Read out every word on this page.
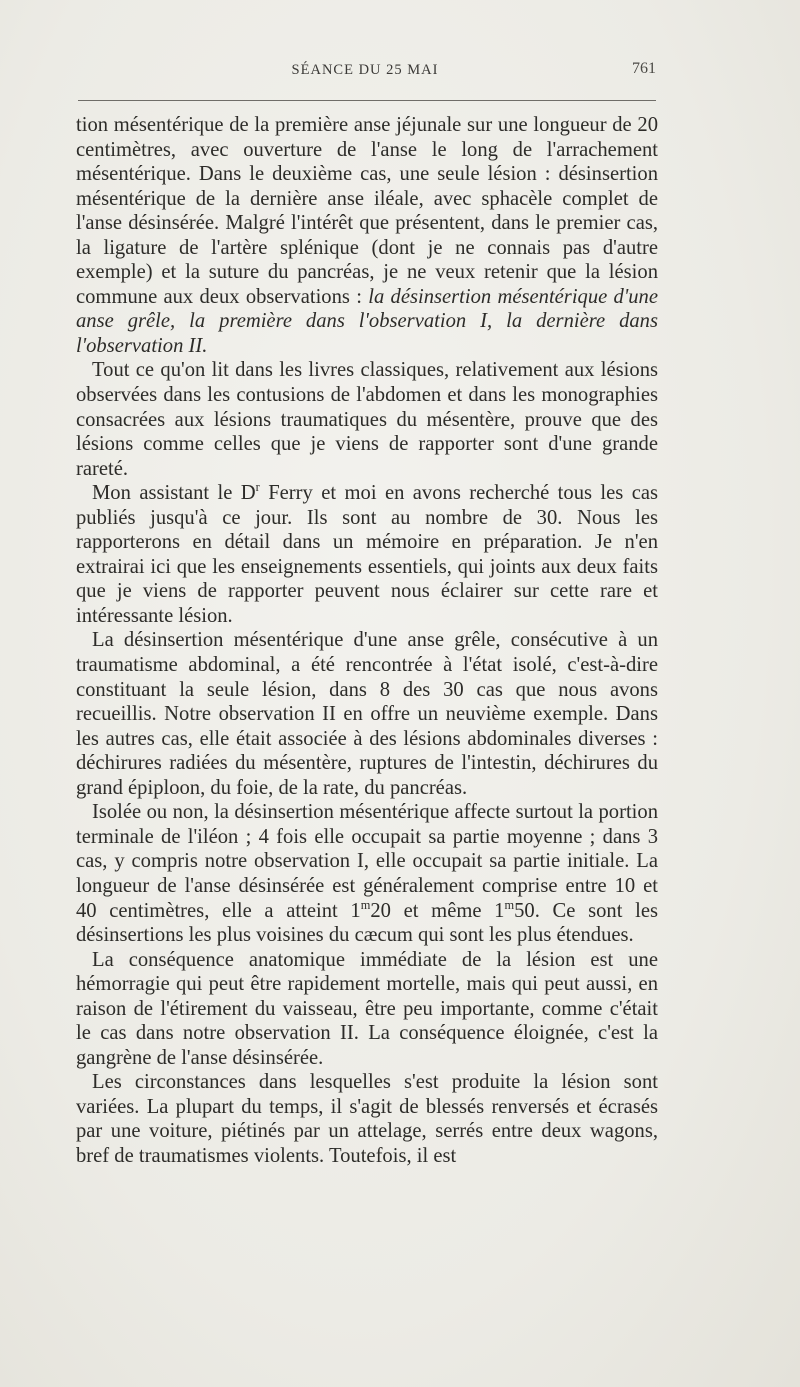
SÉANCE DU 25 MAI	761

tion mésentérique de la première anse jéjunale sur une longueur de 20 centimètres, avec ouverture de l'anse le long de l'arrachement mésentérique. Dans le deuxième cas, une seule lésion : désinsertion mésentérique de la dernière anse iléale, avec sphacèle complet de l'anse désinsérée. Malgré l'intérêt que présentent, dans le premier cas, la ligature de l'artère splénique (dont je ne connais pas d'autre exemple) et la suture du pancréas, je ne veux retenir que la lésion commune aux deux observations : la désinsertion mésentérique d'une anse grêle, la première dans l'observation I, la dernière dans l'observation II.

Tout ce qu'on lit dans les livres classiques, relativement aux lésions observées dans les contusions de l'abdomen et dans les monographies consacrées aux lésions traumatiques du mésentère, prouve que des lésions comme celles que je viens de rapporter sont d'une grande rareté.

Mon assistant le $D^r$ Ferry et moi en avons recherché tous les cas publiés jusqu'à ce jour. Ils sont au nombre de 30. Nous les rapporterons en détail dans un mémoire en préparation. Je n'en extrairai ici que les enseignements essentiels, qui joints aux deux faits que je viens de rapporter peuvent nous éclairer sur cette rare et intéressante lésion.

La désinsertion mésentérique d'une anse grêle, consécutive à un traumatisme abdominal, a été rencontrée à l'état isolé, c'est-à-dire constituant la seule lésion, dans 8 des 30 cas que nous avons recueillis. Notre observation II en offre un neuvième exemple. Dans les autres cas, elle était associée à des lésions abdominales diverses : déchirures radiées du mésentère, ruptures de l'intestin, déchirures du grand épiploon, du foie, de la rate, du pancréas.

Isolée ou non, la désinsertion mésentérique affecte surtout la portion terminale de l'iléon ; 4 fois elle occupait sa partie moyenne ; dans 3 cas, y compris notre observation I, elle occupait sa partie initiale. La longueur de l'anse désinsérée est généralement comprise entre 10 et 40 centimètres, elle a atteint 1$^m$20 et même 1$^m$50. Ce sont les désinsertions les plus voisines du cæcum qui sont les plus étendues.

La conséquence anatomique immédiate de la lésion est une hémorragie qui peut être rapidement mortelle, mais qui peut aussi, en raison de l'étirement du vaisseau, être peu importante, comme c'était le cas dans notre observation II. La conséquence éloignée, c'est la gangrène de l'anse désinsérée.

Les circonstances dans lesquelles s'est produite la lésion sont variées. La plupart du temps, il s'agit de blessés renversés et écrasés par une voiture, piétinés par un attelage, serrés entre deux wagons, bref de traumatismes violents. Toutefois, il est
